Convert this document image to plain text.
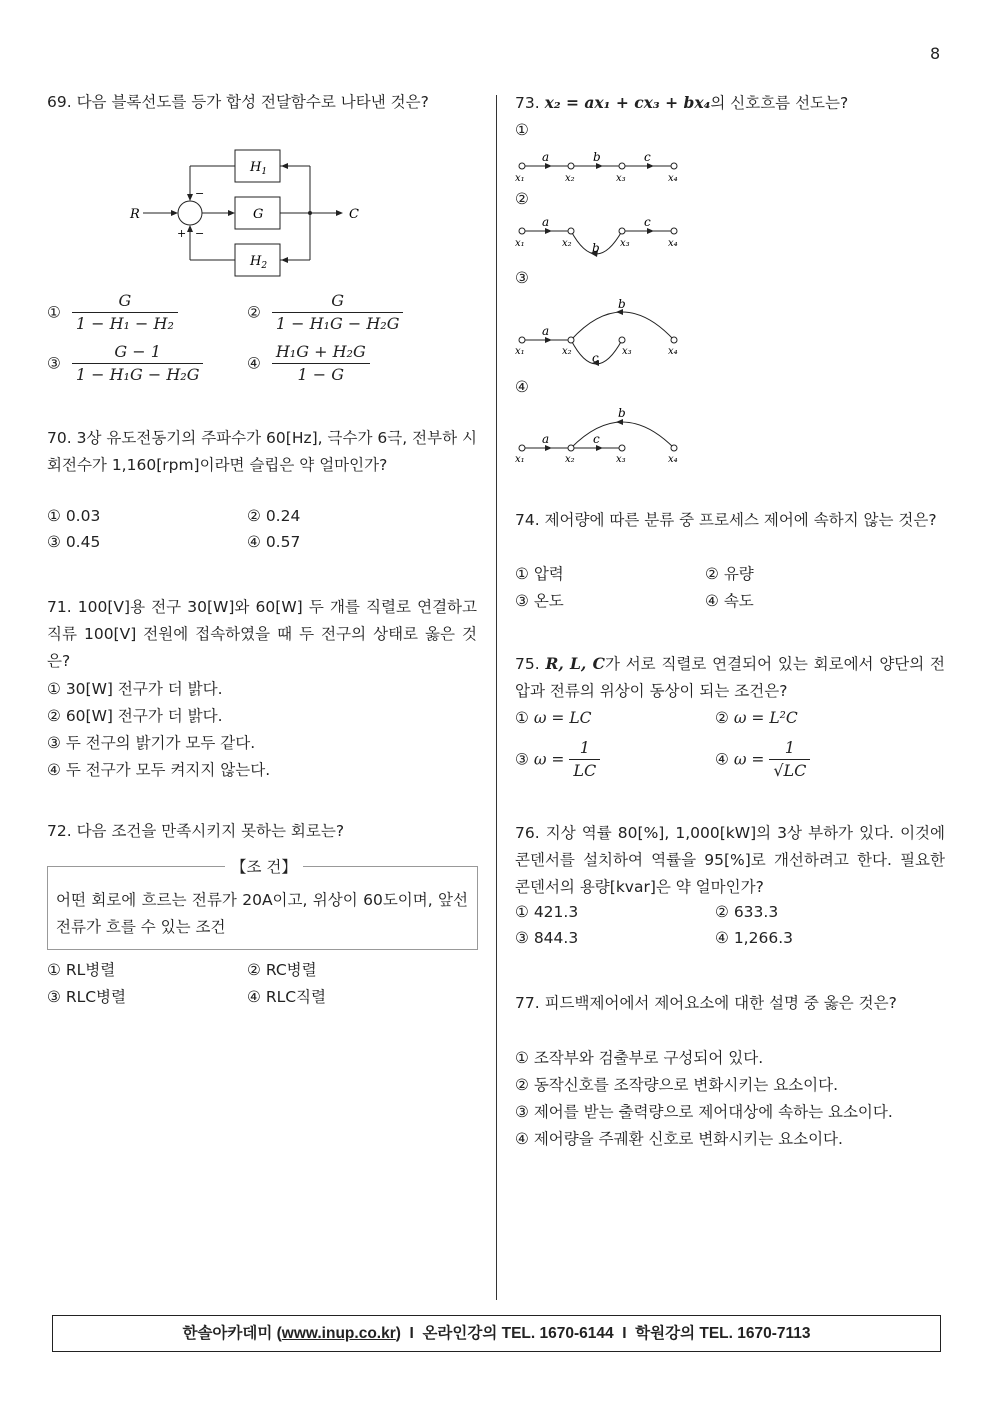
8
69. 다음 블록선도를 등가 합성 전달함수로 나타낸 것은?
$H_1$
G
$H_2$
R	C
−
+ −
① $\frac{G}{\text{1 − H₁ − H₂}}$	② $\frac{G}{\text{1 − H₁G − H₂G}}$
③ $\frac{G - 1}{\text{1 − H₁G − H₂G}}$	④ $\frac{\text{H₁G + H₂G}}{1 - G}$
70. 3상 유도전동기의 주파수가 60[Hz], 극수가 6극, 전부하 시 회전수가 1,160[rpm]이라면 슬립은 약 얼마인가?
① 0.03	② 0.24
③ 0.45	④ 0.57
71. 100[V]용 전구 30[W]와 60[W] 두 개를 직렬로 연결하고 직류 100[V] 전원에 접속하였을 때 두 전구의 상태로 옳은 것은?
① 30[W] 전구가 더 밝다.
② 60[W] 전구가 더 밝다.
③ 두 전구의 밝기가 모두 같다.
④ 두 전구가 모두 켜지지 않는다.
72. 다음 조건을 만족시키지 못하는 회로는?
【조 건】
어떤 회로에 흐르는 전류가 20A이고, 위상이 60도이며, 앞선 전류가 흐를 수 있는 조건
① RL병렬	② RC병렬
③ RLC병렬	④ RLC직렬
73. x₂ = ax₁ + cx₃ + bx₄의 신호흐름 선도는?
①
a	b	c
x₁	x₂	x₃	x₄
②
a	c
b
x₁	x₂	x₃	x₄
③
a
b
c
x₁	x₂	x₃	x₄
④
a
b
c
x₁	x₂	x₃	x₄
74. 제어량에 따른 분류 중 프로세스 제어에 속하지 않는 것은?
① 압력	② 유량
③ 온도	④ 속도
75. R, L, C가 서로 직렬로 연결되어 있는 회로에서 양단의 전압과 전류의 위상이 동상이 되는 조건은?
① ω = LC	② ω = L²C
③ $\omega = \frac{1}{LC}$	④ $\omega = \frac{1}{√LC}$
76. 지상 역률 80[%], 1,000[kW]의 3상 부하가 있다. 이것에 콘덴서를 설치하여 역률을 95[%]로 개선하려고 한다. 필요한 콘덴서의 용량[kvar]은 약 얼마인가?
① 421.3	② 633.3
③ 844.3	④ 1,266.3
77. 피드백제어에서 제어요소에 대한 설명 중 옳은 것은?
① 조작부와 검출부로 구성되어 있다.
② 동작신호를 조작량으로 변화시키는 요소이다.
③ 제어를 받는 출력량으로 제어대상에 속하는 요소이다.
④ 제어량을 주궤환 신호로 변화시키는 요소이다.
한솔아카데미 (www.inup.co.kr)  I  온라인강의 TEL. 1670-6144  I  학원강의 TEL. 1670-7113
